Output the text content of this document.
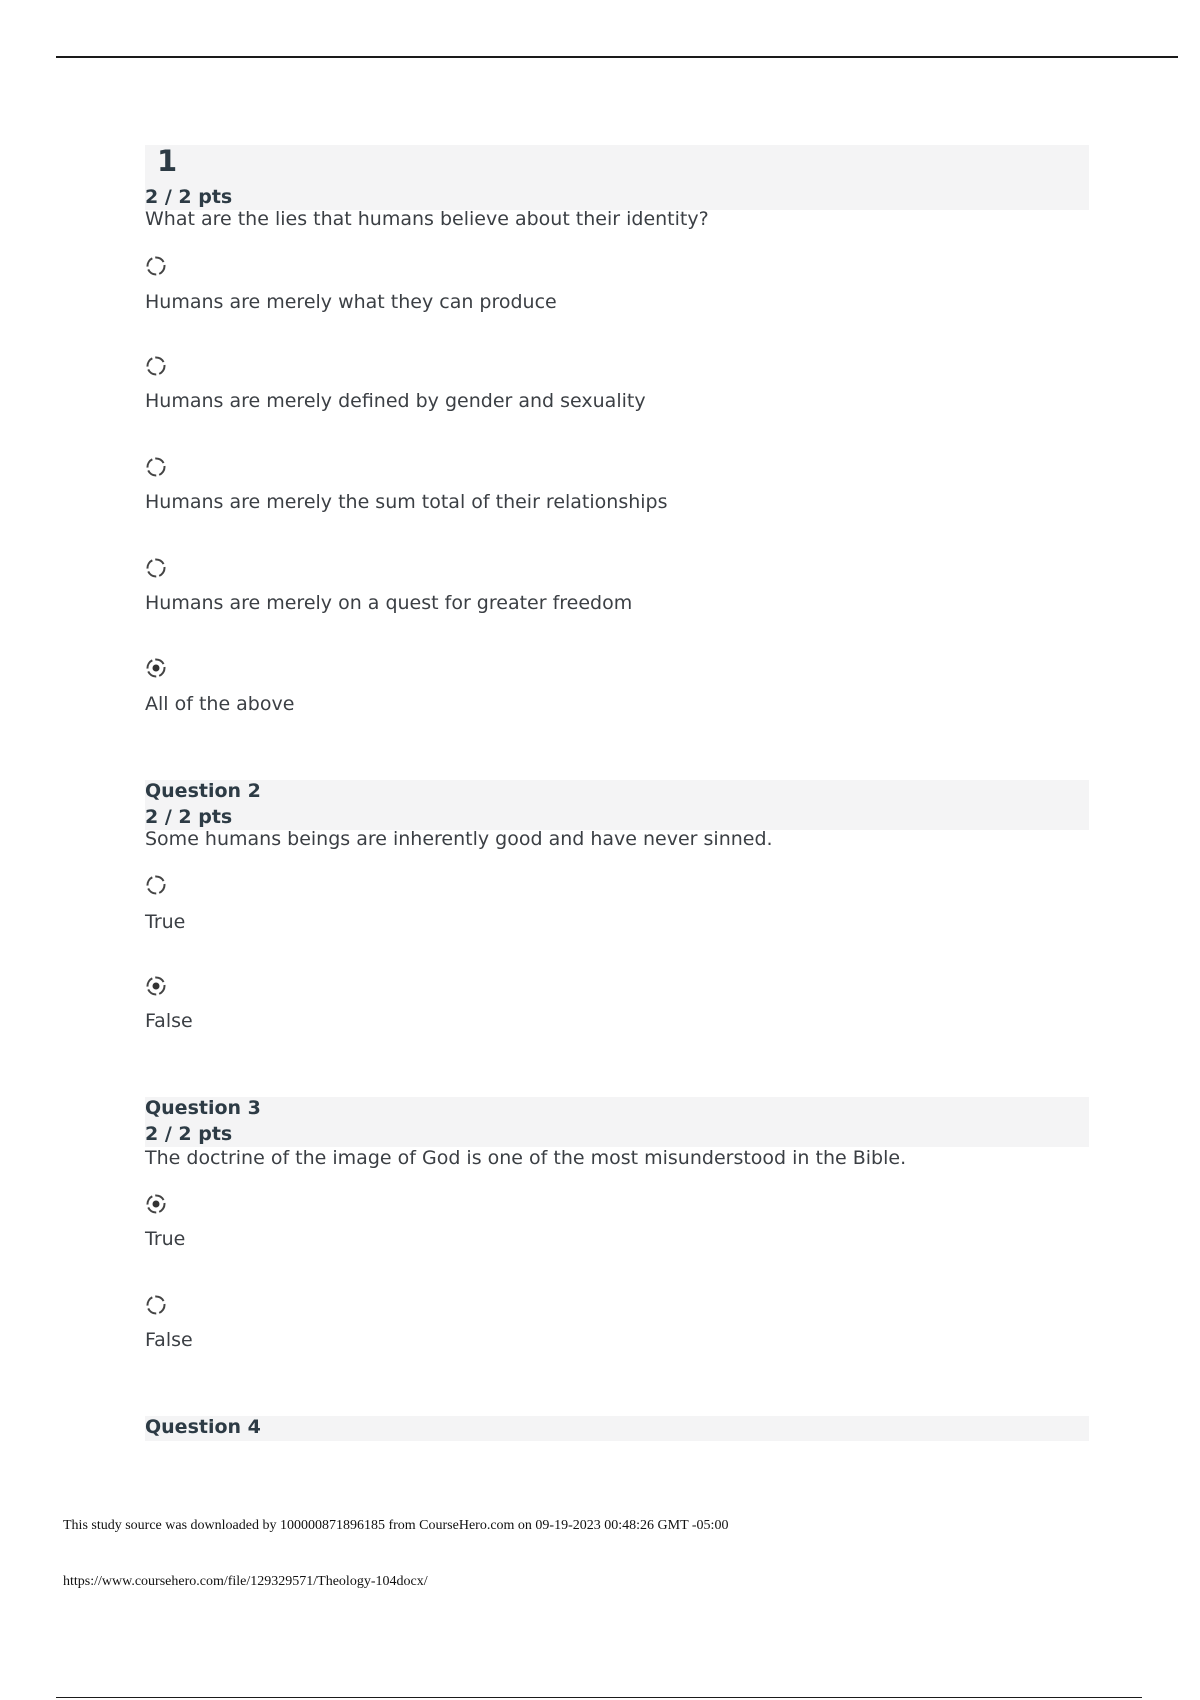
1
2 / 2 pts
What are the lies that humans believe about their identity?
Humans are merely what they can produce
Humans are merely defined by gender and sexuality
Humans are merely the sum total of their relationships
Humans are merely on a quest for greater freedom
All of the above
Question 2
2 / 2 pts
Some humans beings are inherently good and have never sinned.
True
False
Question 3
2 / 2 pts
The doctrine of the image of God is one of the most misunderstood in the Bible.
True
False
Question 4
This study source was downloaded by 100000871896185 from CourseHero.com on 09-19-2023 00:48:26 GMT -05:00
https://www.coursehero.com/file/129329571/Theology-104docx/
